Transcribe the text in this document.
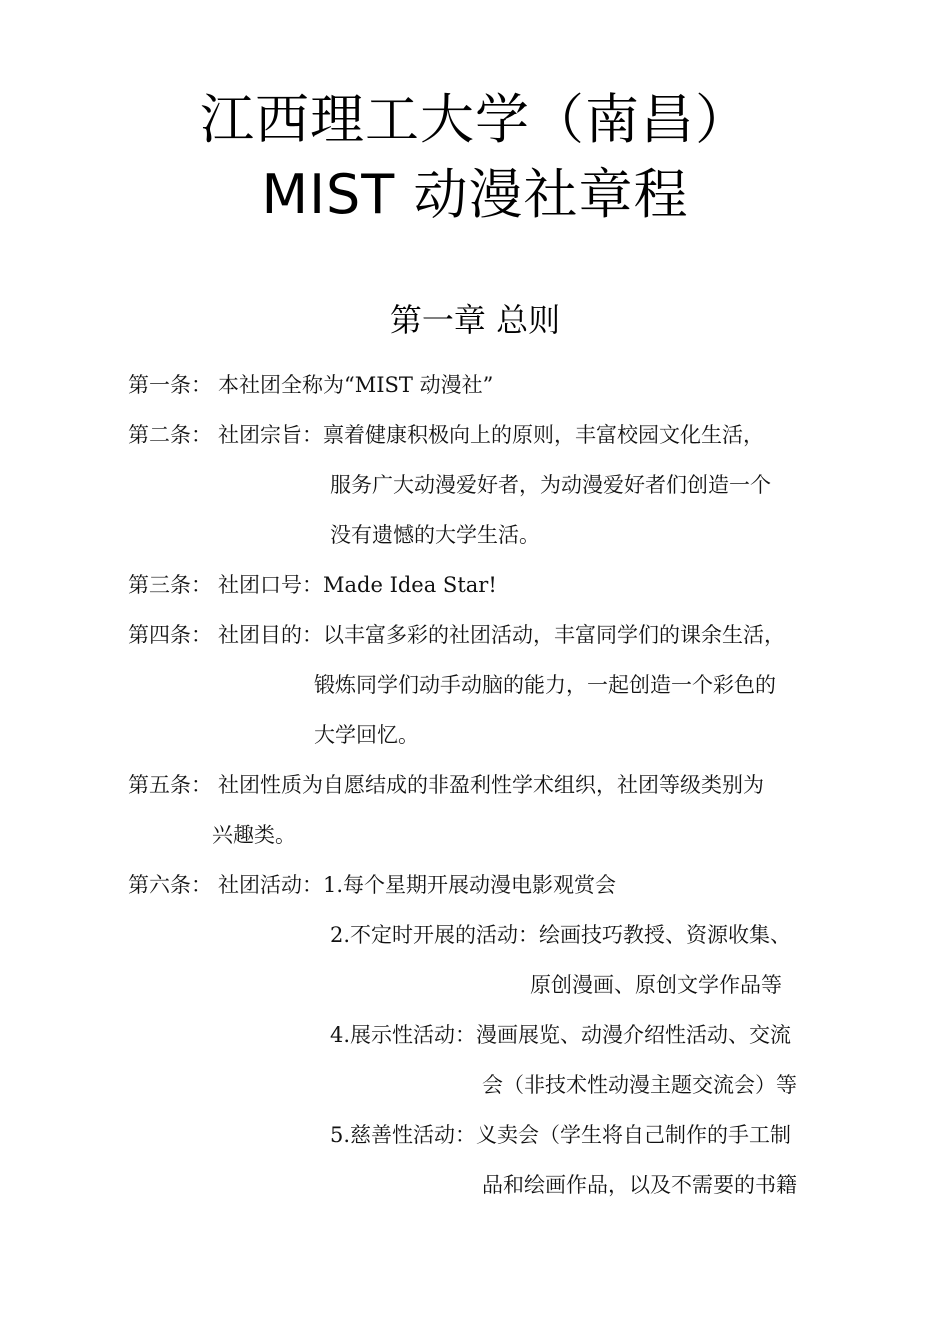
江西理工大学（南昌）
MIST 动漫社章程
第一章 总则
第一条： 本社团全称为“MIST 动漫社”
第二条： 社团宗旨：禀着健康积极向上的原则，丰富校园文化生活，
服务广大动漫爱好者，为动漫爱好者们创造一个
没有遗憾的大学生活。
第三条： 社团口号：Made Idea Star!
第四条： 社团目的：以丰富多彩的社团活动，丰富同学们的课余生活，
锻炼同学们动手动脑的能力，一起创造一个彩色的
大学回忆。
第五条： 社团性质为自愿结成的非盈利性学术组织，社团等级类别为
兴趣类。
第六条： 社团活动：1.每个星期开展动漫电影观赏会
2.不定时开展的活动：绘画技巧教授、资源收集、
原创漫画、原创文学作品等
4.展示性活动：漫画展览、动漫介绍性活动、交流
会（非技术性动漫主题交流会）等
5.慈善性活动：义卖会（学生将自己制作的手工制
品和绘画作品，以及不需要的书籍
